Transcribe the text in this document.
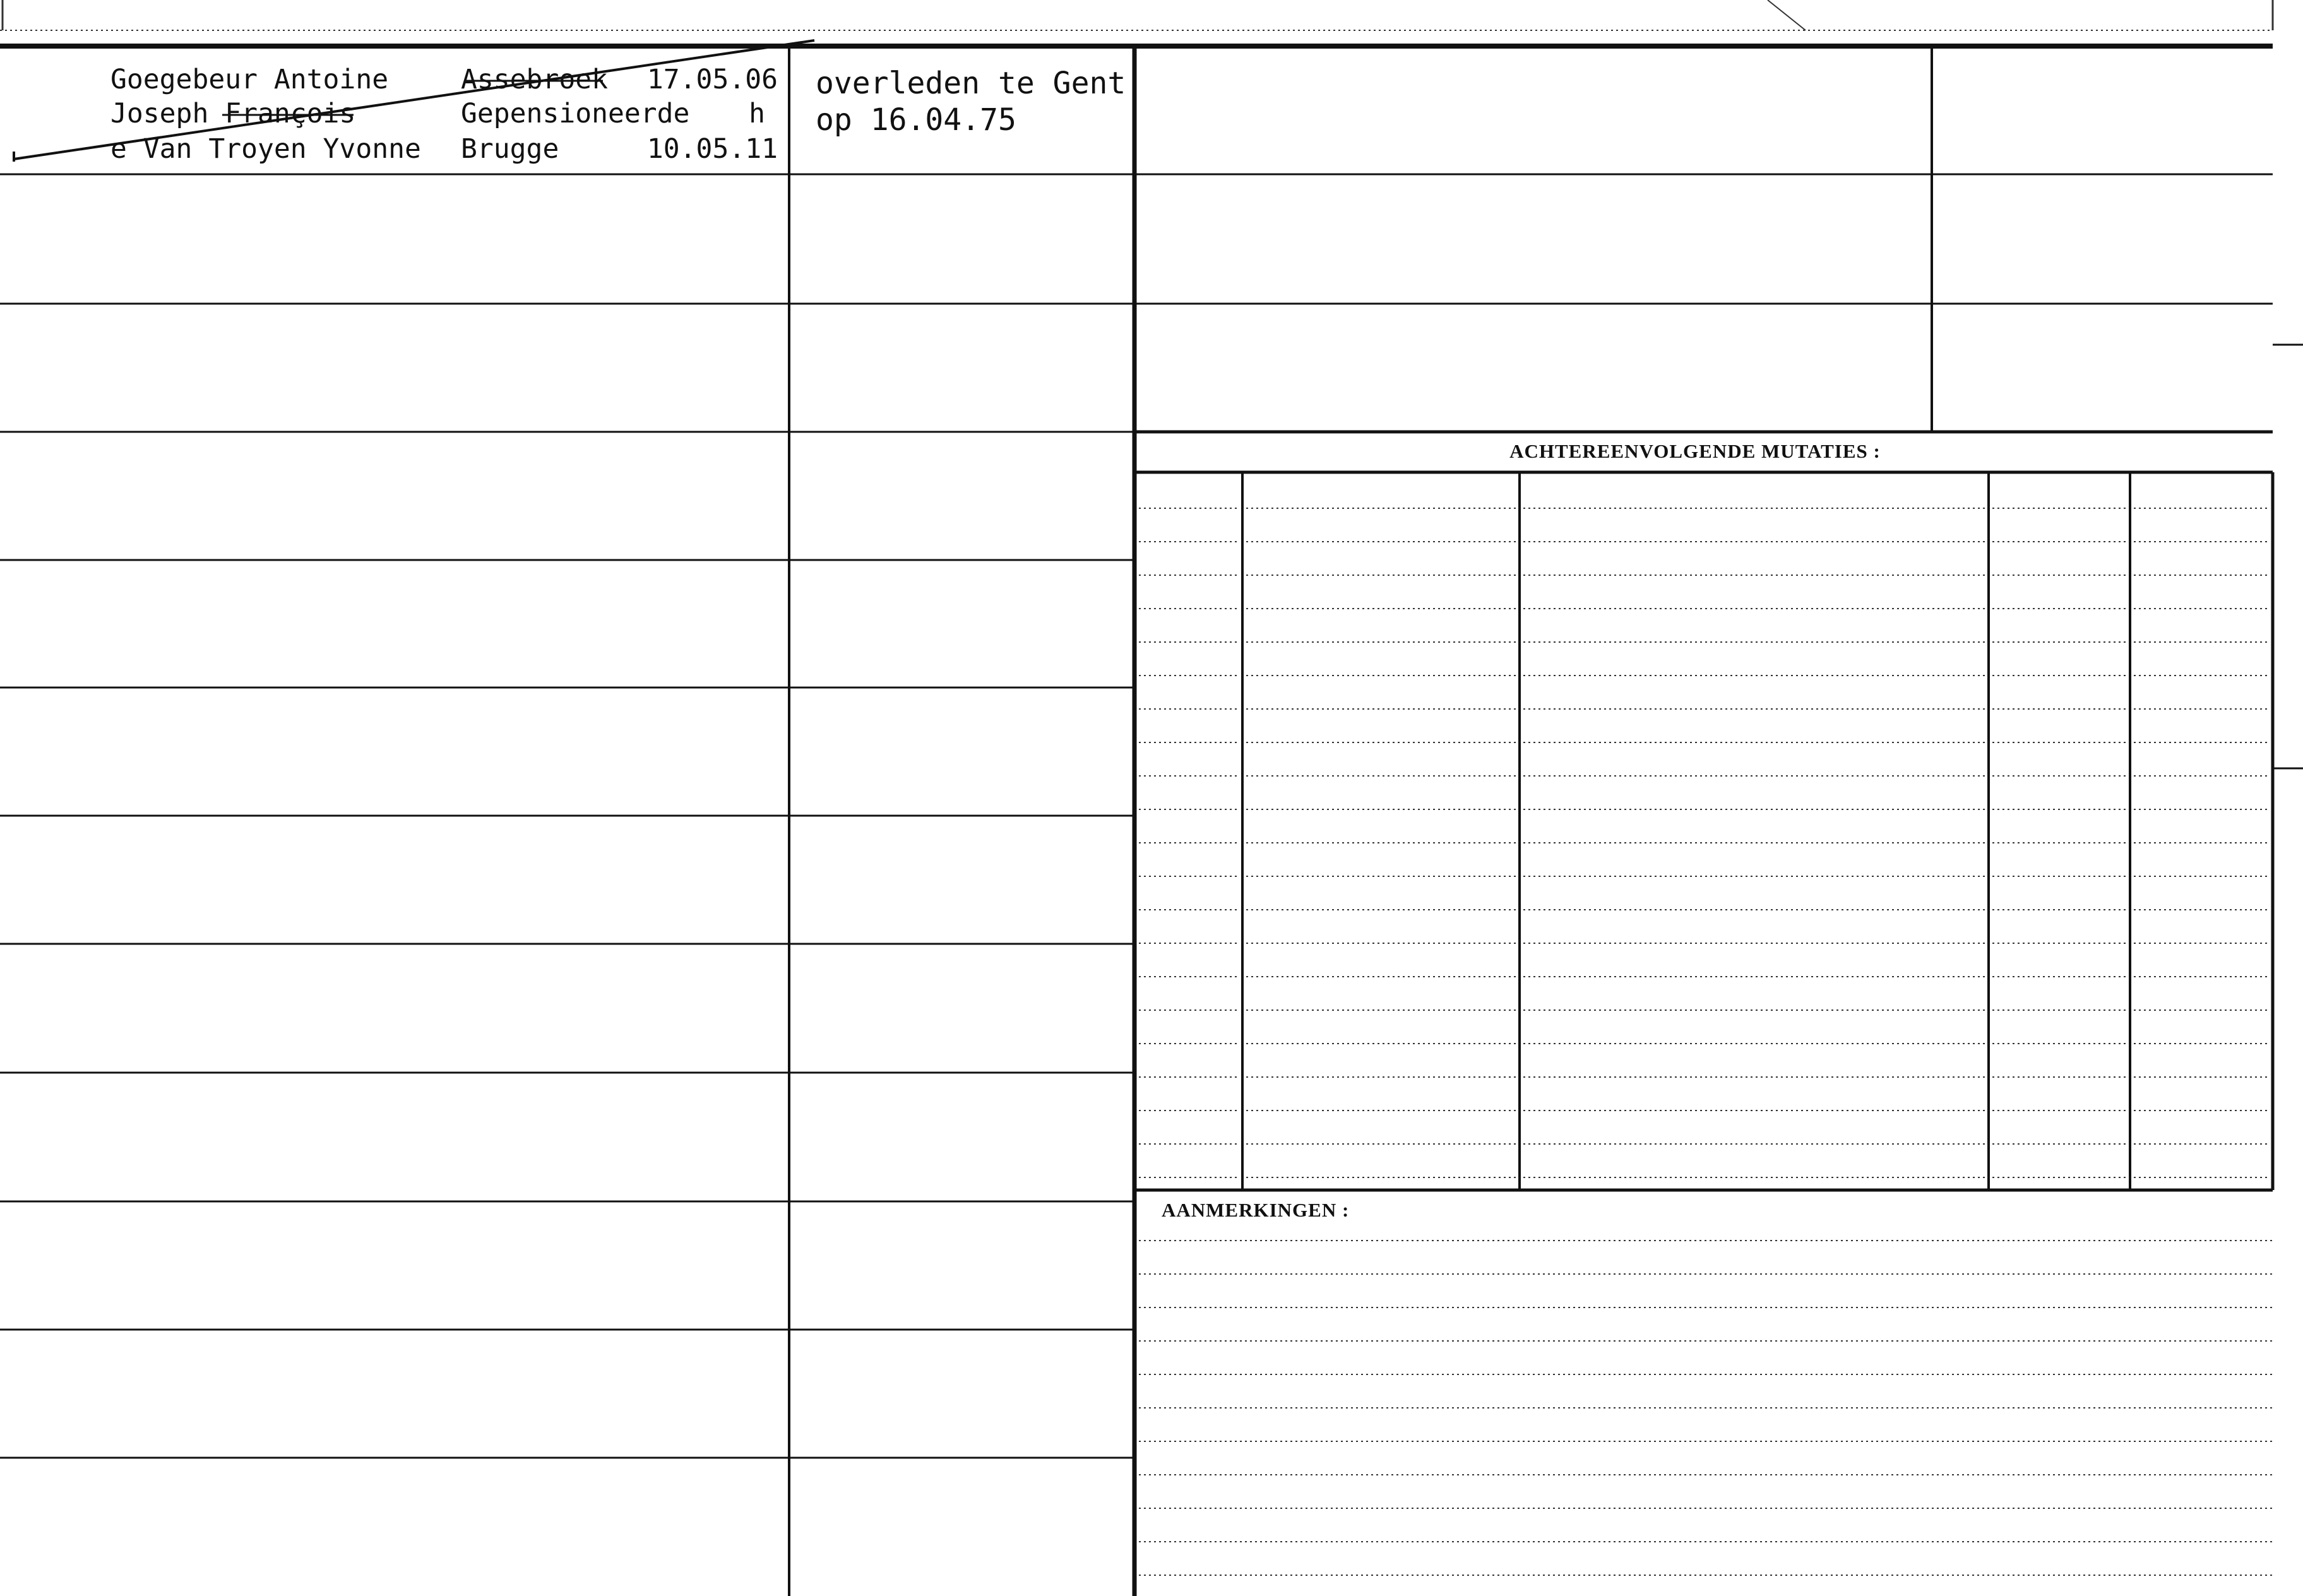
ACHTEREENVOLGENDE MUTATIES :
AANMERKINGEN :
Goegebeur Antoine
Joseph François
e Van Troyen Yvonne
Assebroek
Gepensioneerde
Brugge
17.05.06
h
10.05.11
overleden te Gent
op 16.04.75
